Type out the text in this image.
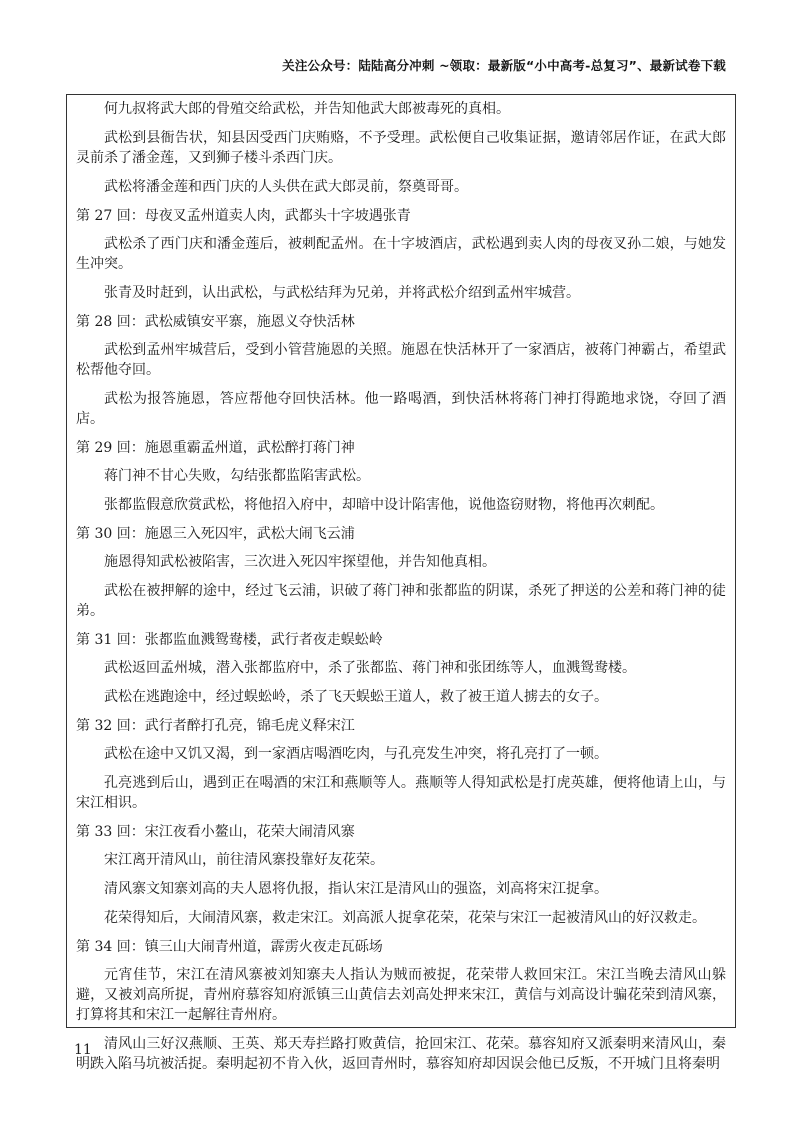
关注公众号：陆陆高分冲刺 ~领取：最新版“小中高考-总复习”、最新试卷下载
何九叔将武大郎的骨殖交给武松，并告知他武大郎被毒死的真相。
武松到县衙告状，知县因受西门庆贿赂，不予受理。武松便自己收集证据，邀请邻居作证，在武大郎灵前杀了潘金莲，又到狮子楼斗杀西门庆。
武松将潘金莲和西门庆的人头供在武大郎灵前，祭奠哥哥。
第 27 回：母夜叉孟州道卖人肉，武都头十字坡遇张青
武松杀了西门庆和潘金莲后，被刺配孟州。在十字坡酒店，武松遇到卖人肉的母夜叉孙二娘，与她发生冲突。
张青及时赶到，认出武松，与武松结拜为兄弟，并将武松介绍到孟州牢城营。
第 28 回：武松威镇安平寨，施恩义夺快活林
武松到孟州牢城营后，受到小管营施恩的关照。施恩在快活林开了一家酒店，被蒋门神霸占，希望武松帮他夺回。
武松为报答施恩，答应帮他夺回快活林。他一路喝酒，到快活林将蒋门神打得跪地求饶，夺回了酒店。
第 29 回：施恩重霸孟州道，武松醉打蒋门神
蒋门神不甘心失败，勾结张都监陷害武松。
张都监假意欣赏武松，将他招入府中，却暗中设计陷害他，说他盗窃财物，将他再次刺配。
第 30 回：施恩三入死囚牢，武松大闹飞云浦
施恩得知武松被陷害，三次进入死囚牢探望他，并告知他真相。
武松在被押解的途中，经过飞云浦，识破了蒋门神和张都监的阴谋，杀死了押送的公差和蒋门神的徒弟。
第 31 回：张都监血溅鸳鸯楼，武行者夜走蜈蚣岭
武松返回孟州城，潜入张都监府中，杀了张都监、蒋门神和张团练等人，血溅鸳鸯楼。
武松在逃跑途中，经过蜈蚣岭，杀了飞天蜈蚣王道人，救了被王道人掳去的女子。
第 32 回：武行者醉打孔亮，锦毛虎义释宋江
武松在途中又饥又渴，到一家酒店喝酒吃肉，与孔亮发生冲突，将孔亮打了一顿。
孔亮逃到后山，遇到正在喝酒的宋江和燕顺等人。燕顺等人得知武松是打虎英雄，便将他请上山，与宋江相识。
第 33 回：宋江夜看小鳌山，花荣大闹清风寨
宋江离开清风山，前往清风寨投靠好友花荣。
清风寨文知寨刘高的夫人恩将仇报，指认宋江是清风山的强盗，刘高将宋江捉拿。
花荣得知后，大闹清风寨，救走宋江。刘高派人捉拿花荣，花荣与宋江一起被清风山的好汉救走。
第 34 回：镇三山大闹青州道，霹雳火夜走瓦砾场
元宵佳节，宋江在清风寨被刘知寨夫人指认为贼而被捉，花荣带人救回宋江。宋江当晚去清风山躲避，又被刘高所捉，青州府慕容知府派镇三山黄信去刘高处押来宋江，黄信与刘高设计骗花荣到清风寨，打算将其和宋江一起解往青州府。
清风山三好汉燕顺、王英、郑天寿拦路打败黄信，抢回宋江、花荣。慕容知府又派秦明来清风山，秦明跌入陷马坑被活捉。秦明起初不肯入伙，返回青州时，慕容知府却因误会他已反叛，不开城门且将秦明
11
